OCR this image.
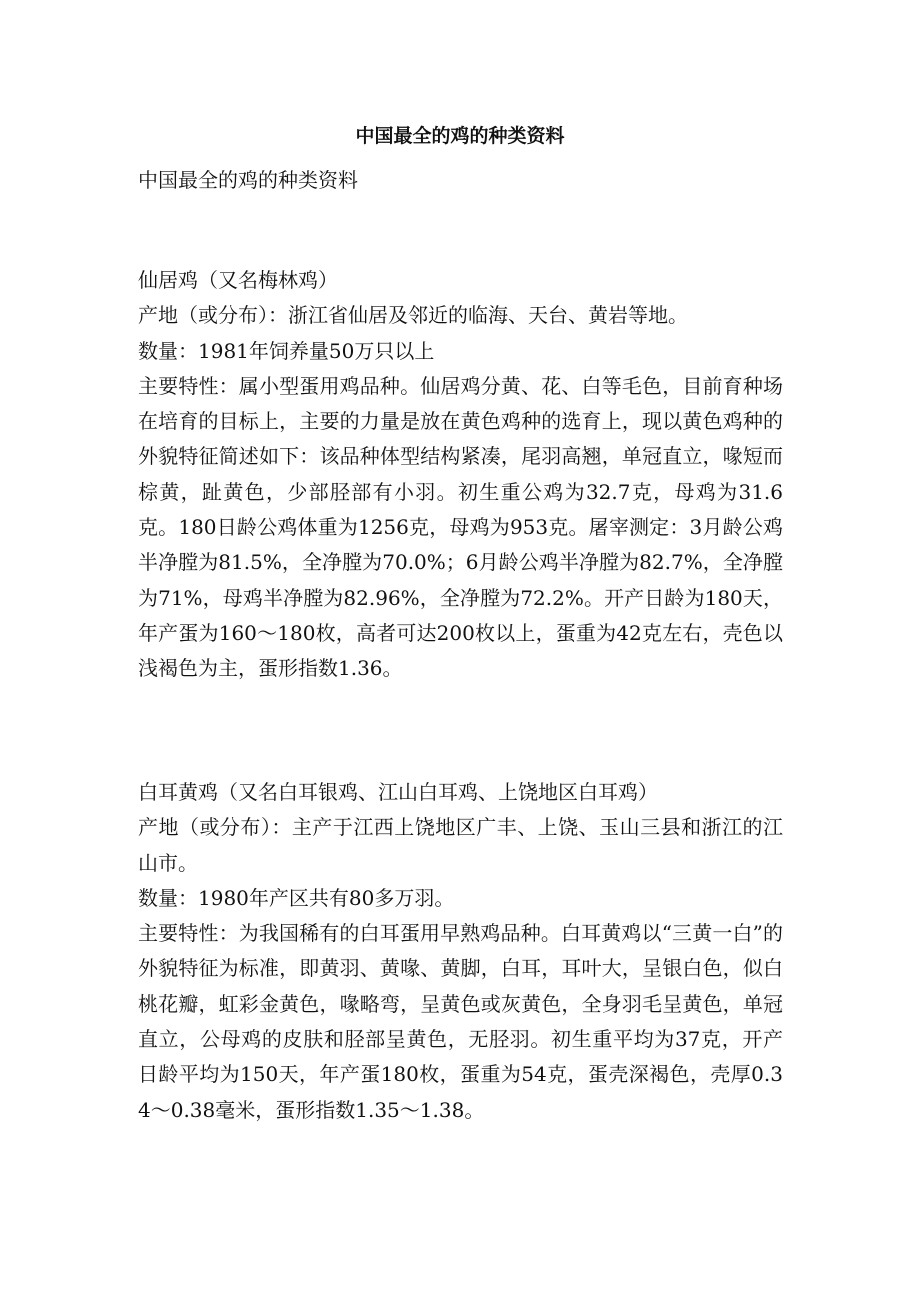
中国最全的鸡的种类资料

中国最全的鸡的种类资料

仙居鸡（又名梅林鸡）

产地（或分布）：浙江省仙居及邻近的临海、天台、黄岩等地。

数量：1981年饲养量50万只以上

主要特性：属小型蛋用鸡品种。仙居鸡分黄、花、白等毛色，目前育种场在培育的目标上，主要的力量是放在黄色鸡种的选育上，现以黄色鸡种的外貌特征简述如下：该品种体型结构紧凑，尾羽高翘，单冠直立，喙短而棕黄，趾黄色，少部胫部有小羽。初生重公鸡为32.7克，母鸡为31.6克。180日龄公鸡体重为1256克，母鸡为953克。屠宰测定：3月龄公鸡半净膛为81.5%，全净膛为70.0%；6月龄公鸡半净膛为82.7%，全净膛为71%，母鸡半净膛为82.96%，全净膛为72.2%。开产日龄为180天，年产蛋为160～180枚，高者可达200枚以上，蛋重为42克左右，壳色以浅褐色为主，蛋形指数1.36。

白耳黄鸡（又名白耳银鸡、江山白耳鸡、上饶地区白耳鸡）

产地（或分布）：主产于江西上饶地区广丰、上饶、玉山三县和浙江的江山市。

数量：1980年产区共有80多万羽。

主要特性：为我国稀有的白耳蛋用早熟鸡品种。白耳黄鸡以“三黄一白”的外貌特征为标准，即黄羽、黄喙、黄脚，白耳，耳叶大，呈银白色，似白桃花瓣，虹彩金黄色，喙略弯，呈黄色或灰黄色，全身羽毛呈黄色，单冠直立，公母鸡的皮肤和胫部呈黄色，无胫羽。初生重平均为37克，开产日龄平均为150天，年产蛋180枚，蛋重为54克，蛋壳深褐色，壳厚0.34～0.38毫米，蛋形指数1.35～1.38。
